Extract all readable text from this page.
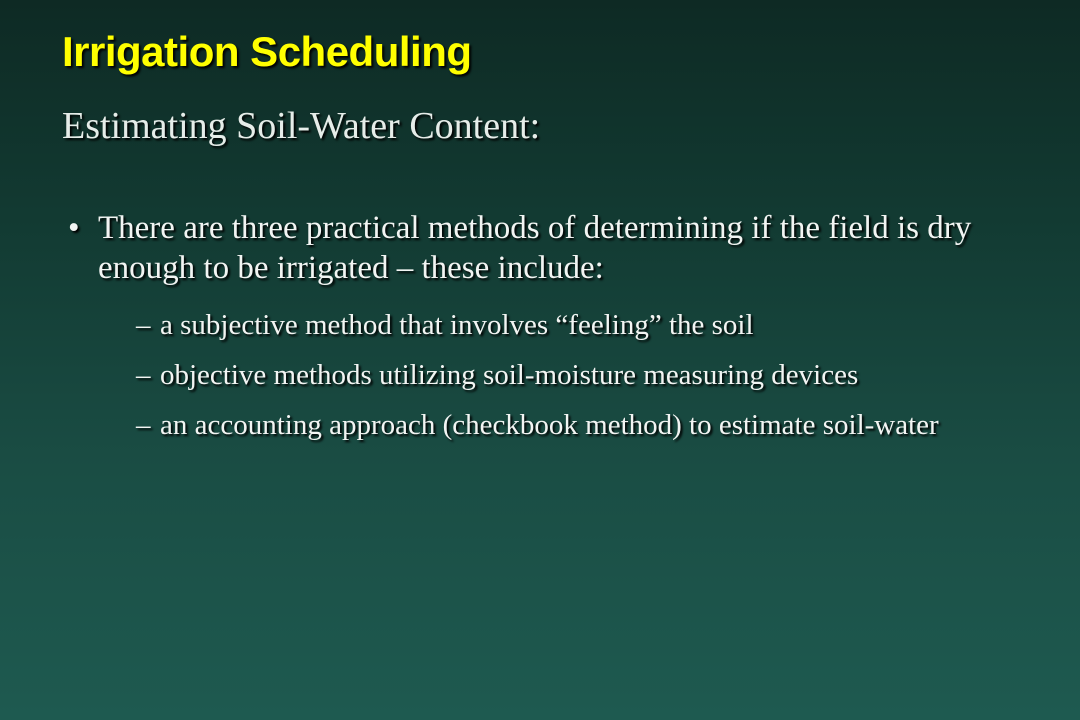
Irrigation Scheduling
Estimating Soil-Water Content:
• There are three practical methods of determining if the field is dry enough to be irrigated – these include:
– a subjective method that involves “feeling” the soil
– objective methods utilizing soil-moisture measuring devices
– an accounting approach (checkbook method) to estimate soil-water
